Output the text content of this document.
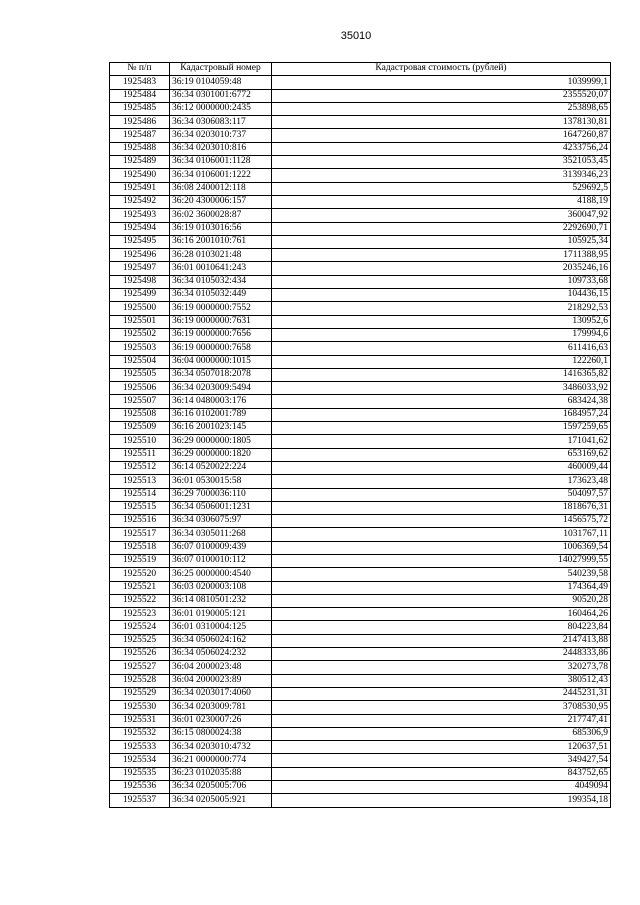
35010
№ п/п	Кадастровый номер	Кадастровая стоимость (рублей)
1925483	36:19 0104059:48	1039999,1
1925484	36:34 0301001:6772	2355520,07
1925485	36:12 0000000:2435	253898,65
1925486	36:34 0306083:117	1378130,81
1925487	36:34 0203010:737	1647260,87
1925488	36:34 0203010:816	4233756,24
1925489	36:34 0106001:1128	3521053,45
1925490	36:34 0106001:1222	3139346,23
1925491	36:08 2400012:118	529692,5
1925492	36:20 4300006:157	4188,19
1925493	36:02 3600028:87	360047,92
1925494	36:19 0103016:56	2292690,71
1925495	36:16 2001010:761	105925,34
1925496	36:28 0103021:48	1711388,95
1925497	36:01 0010641:243	2035246,16
1925498	36:34 0105032:434	109733,68
1925499	36:34 0105032:449	104436,15
1925500	36:19 0000000:7552	218292,53
1925501	36:19 0000000:7631	130952,6
1925502	36:19 0000000:7656	179994,6
1925503	36:19 0000000:7658	611416,63
1925504	36:04 0000000:1015	122260,1
1925505	36:34 0507018:2078	1416365,82
1925506	36:34 0203009:5494	3486033,92
1925507	36:14 0480003:176	683424,38
1925508	36:16 0102001:789	1684957,24
1925509	36:16 2001023:145	1597259,65
1925510	36:29 0000000:1805	171041,62
1925511	36:29 0000000:1820	653169,62
1925512	36:14 0520022:224	460009,44
1925513	36:01 0530015:58	173623,48
1925514	36:29 7000036:110	504097,57
1925515	36:34 0506001:1231	1818676,31
1925516	36:34 0306075:97	1456575,72
1925517	36:34 0305011:268	1031767,11
1925518	36:07 0100009:439	1006369,54
1925519	36:07 0100010:112	14027999,55
1925520	36:25 0000000:4540	540239,58
1925521	36:03 0200003:108	174364,49
1925522	36:14 0810501:232	90520,28
1925523	36:01 0190005:121	160464,26
1925524	36:01 0310004:125	804223,84
1925525	36:34 0506024:162	2147413,88
1925526	36:34 0506024:232	2448333,86
1925527	36:04 2000023:48	320273,78
1925528	36:04 2000023:89	380512,43
1925529	36:34 0203017:4060	2445231,31
1925530	36:34 0203009:781	3708530,95
1925531	36:01 0230007:26	217747,41
1925532	36:15 0800024:38	685306,9
1925533	36:34 0203010:4732	120637,51
1925534	36:21 0000000:774	349427,54
1925535	36:23 0102035:88	843752,65
1925536	36:34 0205005:706	4049094
1925537	36:34 0205005:921	199354,18
